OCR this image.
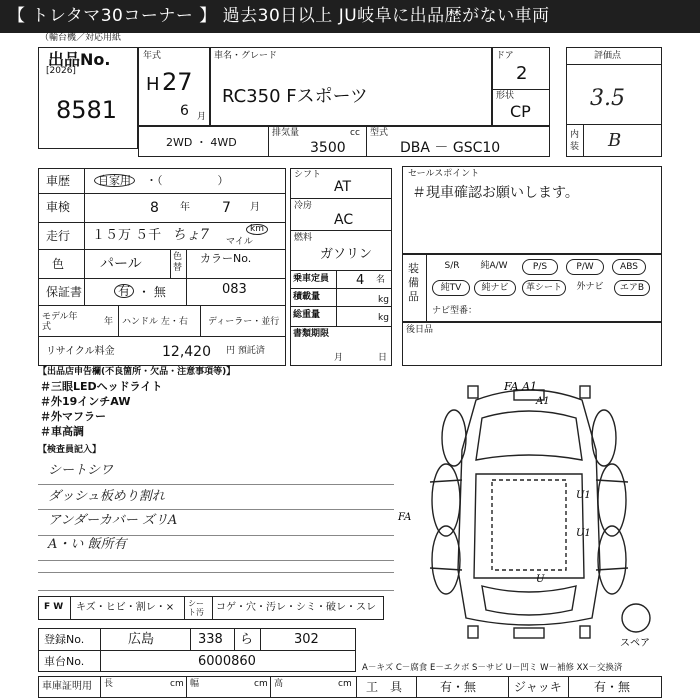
【 トレタマ30コーナー 】 過去30日以上 JU岐阜に出品歴がない車両
（輸台機／対応用紙
出品No.
[2026]
8581
年式
H 27
6 月
車名・グレード
RC350 Fスポーツ
ドア
2
形状
CP
評価点
3.5
内装 B
2WD ・ 4WD
排気量	cc
3500
型式
DBA － GSC10
車歴	自家用	・（　　　　　）
車検	8 年 7 月
走行 １５万 ５千 ちょ7	km
マイル
色	パール	色替
カラーNo.
083
保証書	有 ・ 無
モデル年式	年 ハンドル 左・右 ディーラー・並行
リサイクル料金	12,420 円 預託済
シフト
AT
冷房
AC
燃料
ガソリン
乗車定員 4 名
積載量	kg
総重量	kg
書類期限
月	日
セールスポイント
＃現車確認お願いします。
装備品
ナビ型番：
S/R	純A/W	P/S	P/W	ABS
純TV	純ナビ	革シート	外ナビ	エアB
後日品
【出品店申告欄(不良箇所・欠品・注意事項等)】
＃三眼LEDヘッドライト
＃外19インチAW
＃外マフラー
＃車高調
【検査員記入】
シートシワ
ダッシュ板めり割れ
アンダーカバー ズリA
A・い 飯所有
FA A1
FA
U1
U1
A1
U
スペア
F W キズ・ヒビ・割レ・× シート汚	コゲ・穴・汚レ・シミ・破レ・スレ
登録No.	広島	338 ら	302
車台No.	6000860	A－キズ C－腐食 E－エクボ S－サビ U－凹ミ W－補修 XX－交換済
車庫証明用 長	cm 幅	cm 高	cm 工　具	有・無	ジャッキ	有・無
